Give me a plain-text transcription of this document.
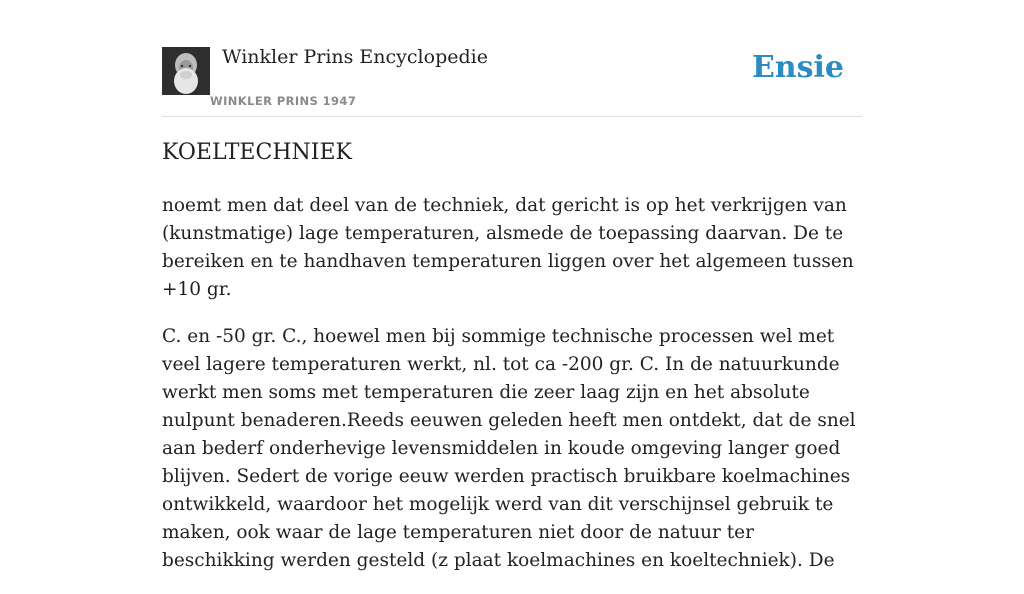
Winkler Prins Encyclopedie
WINKLER PRINS 1947
Ensie
KOELTECHNIEK

noemt men dat deel van de techniek, dat gericht is op het verkrijgen van (kunstmatige) lage temperaturen, alsmede de toepassing daarvan. De te bereiken en te handhaven temperaturen liggen over het algemeen tussen +10 gr.

C. en -50 gr. C., hoewel men bij sommige technische processen wel met veel lagere temperaturen werkt, nl. tot ca -200 gr. C. In de natuurkunde werkt men soms met temperaturen die zeer laag zijn en het absolute nulpunt benaderen.Reeds eeuwen geleden heeft men ontdekt, dat de snel aan bederf onderhevige levensmiddelen in koude omgeving langer goed blijven. Sedert de vorige eeuw werden practisch bruikbare koelmachines ontwikkeld, waardoor het mogelijk werd van dit verschijnsel gebruik te maken, ook waar de lage temperaturen niet door de natuur ter beschikking werden gesteld (z plaat koelmachines en koeltechniek). De
